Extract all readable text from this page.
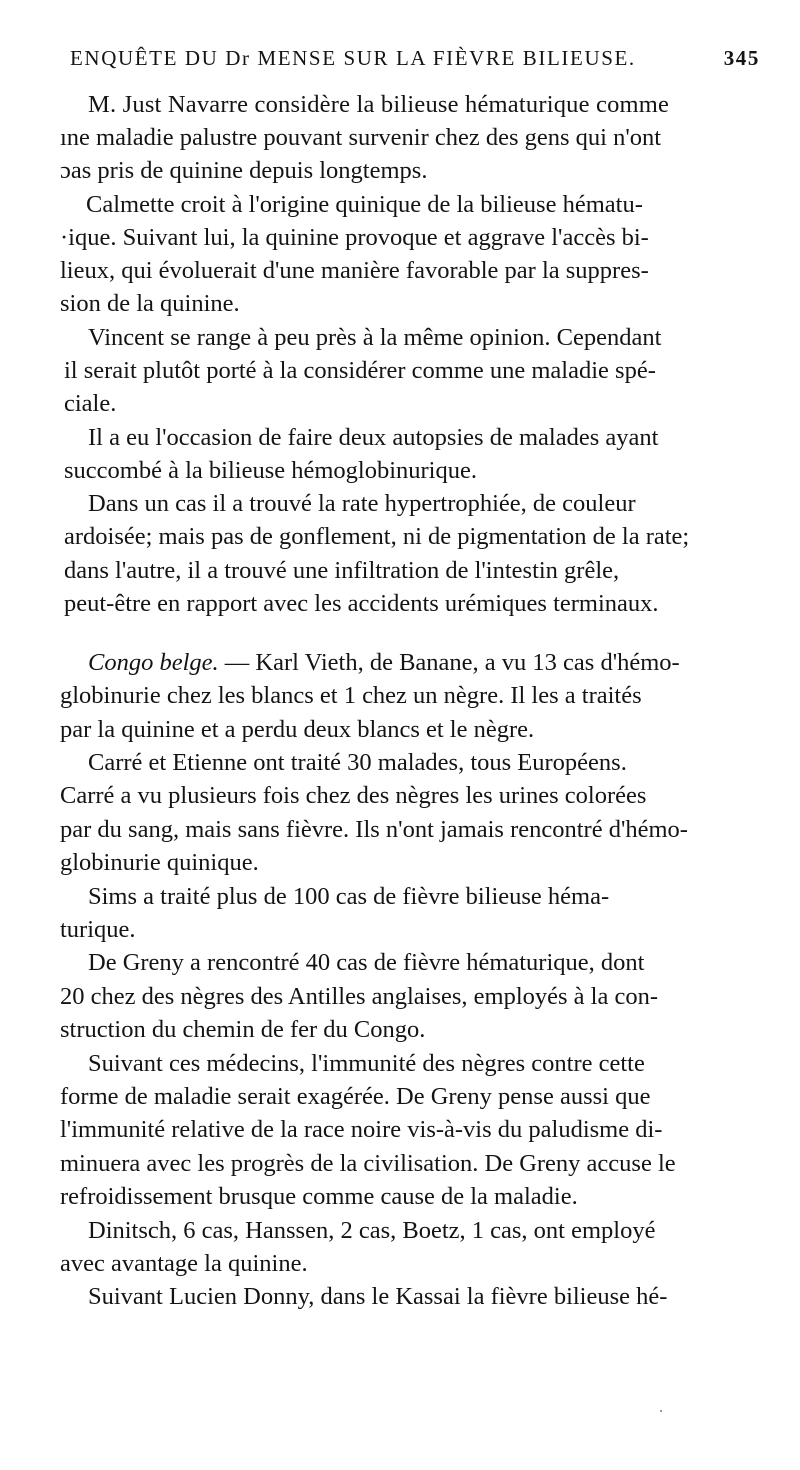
ENQUÊTE DU Dr MENSE SUR LA FIÈVRE BILIEUSE.	345
M. Just Navarre considère la bilieuse hématurique comme
ıne maladie palustre pouvant survenir chez des gens qui n'ont
ɔas pris de quinine depuis longtemps.
Calmette croit à l'origine quinique de la bilieuse hématu-
·ique. Suivant lui, la quinine provoque et aggrave l'accès bi-
lieux, qui évoluerait d'une manière favorable par la suppres-
sion de la quinine.
Vincent se range à peu près à la même opinion. Cependant
il serait plutôt porté à la considérer comme une maladie spé-
ciale.
Il a eu l'occasion de faire deux autopsies de malades ayant
succombé à la bilieuse hémoglobinurique.
Dans un cas il a trouvé la rate hypertrophiée, de couleur
ardoisée; mais pas de gonflement, ni de pigmentation de la rate;
dans l'autre, il a trouvé une infiltration de l'intestin grêle,
peut-être en rapport avec les accidents urémiques terminaux.
Congo belge. — Karl Vieth, de Banane, a vu 13 cas d'hémo-
globinurie chez les blancs et 1 chez un nègre. Il les a traités
par la quinine et a perdu deux blancs et le nègre.
Carré et Etienne ont traité 30 malades, tous Européens.
Carré a vu plusieurs fois chez des nègres les urines colorées
par du sang, mais sans fièvre. Ils n'ont jamais rencontré d'hémo-
globinurie quinique.
Sims a traité plus de 100 cas de fièvre bilieuse héma-
turique.
De Greny a rencontré 40 cas de fièvre hématurique, dont
20 chez des nègres des Antilles anglaises, employés à la con-
struction du chemin de fer du Congo.
Suivant ces médecins, l'immunité des nègres contre cette
forme de maladie serait exagérée. De Greny pense aussi que
l'immunité relative de la race noire vis-à-vis du paludisme di-
minuera avec les progrès de la civilisation. De Greny accuse le
refroidissement brusque comme cause de la maladie.
Dinitsch, 6 cas, Hanssen, 2 cas, Boetz, 1 cas, ont employé
avec avantage la quinine.
Suivant Lucien Donny, dans le Kassai la fièvre bilieuse hé-
